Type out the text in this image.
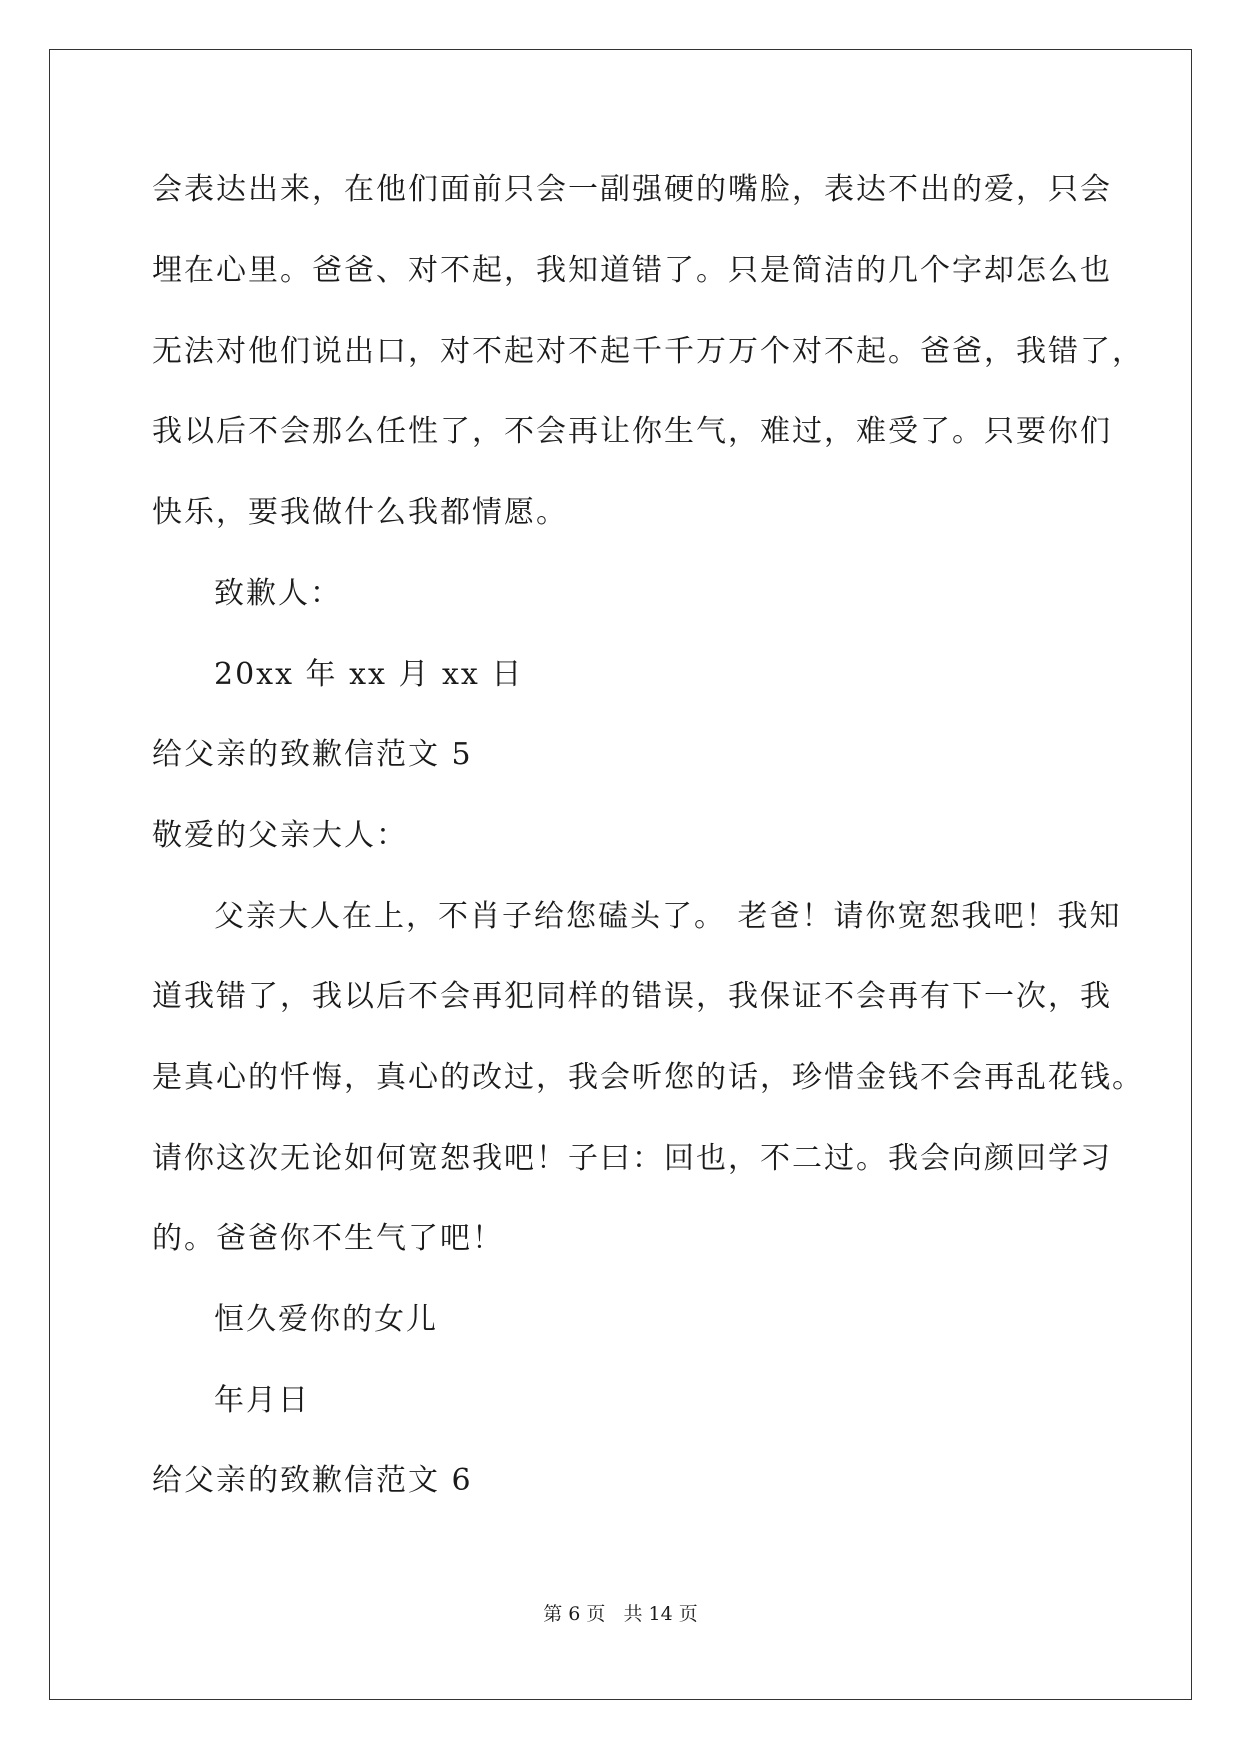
会表达出来，在他们面前只会一副强硬的嘴脸，表达不出的爱，只会
埋在心里。爸爸、对不起，我知道错了。只是简洁的几个字却怎么也
无法对他们说出口，对不起对不起千千万万个对不起。爸爸，我错了，
我以后不会那么任性了，不会再让你生气，难过，难受了。只要你们
快乐，要我做什么我都情愿。
致歉人：
20xx 年 xx 月 xx 日
给父亲的致歉信范文 5
敬爱的父亲大人：
父亲大人在上，不肖子给您磕头了。 老爸！请你宽恕我吧！我知
道我错了，我以后不会再犯同样的错误，我保证不会再有下一次，我
是真心的忏悔，真心的改过，我会听您的话，珍惜金钱不会再乱花钱。
请你这次无论如何宽恕我吧！子曰：回也，不二过。我会向颜回学习
的。爸爸你不生气了吧！
恒久爱你的女儿
年月日
给父亲的致歉信范文 6
第 6 页 共 14 页
